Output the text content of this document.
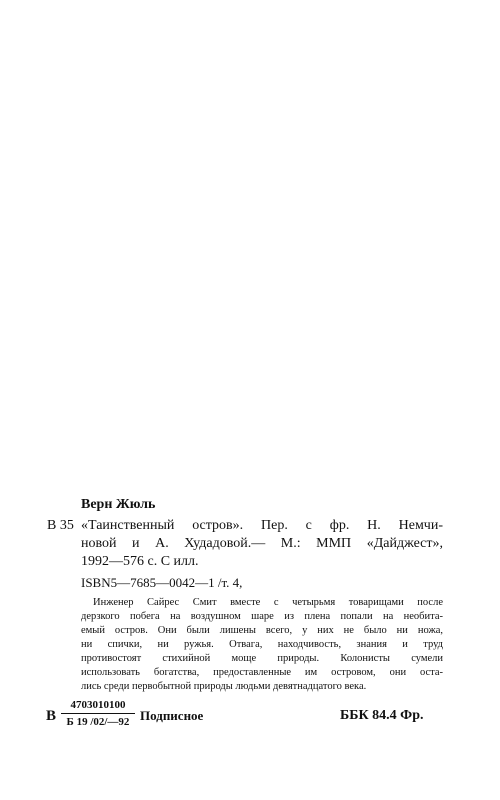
Верн Жюль
В 35 «Таинственный остров». Пер. с фр. Н. Немчи-
новой и А. Худадовой.— М.: ММП «Дайджест»,
1992—576 с. С илл.
ISBN5—7685—0042—1 /т. 4,
Инженер Сайрес Смит вместе с четырьмя товарищами после
дерзкого побега на воздушном шаре из плена попали на необита-
емый остров. Они были лишены всего, у них не было ни ножа,
ни спички, ни ружья. Отвага, находчивость, знания и труд
противостоят стихийной моще природы. Колонисты сумели
использовать богатства, предоставленные им островом, они оста-
лись среди первобытной природы людьми девятнадцатого века.
В
4703010100
Б 19 /02/—92 Подписное	ББК 84.4 Фр.
